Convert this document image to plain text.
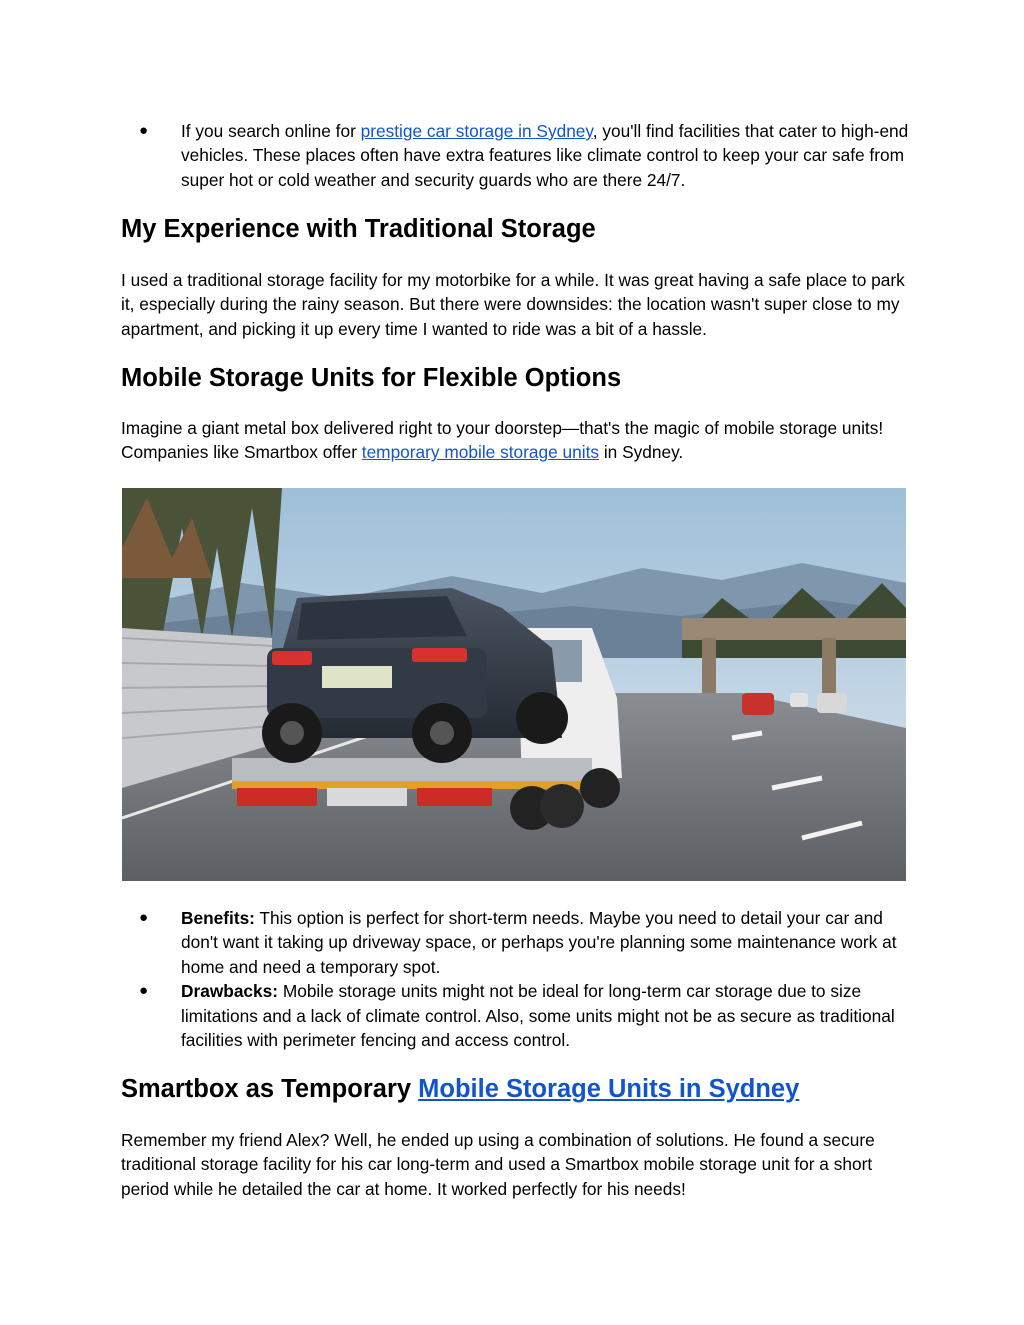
● If you search online for prestige car storage in Sydney, you'll find facilities that cater to high-end vehicles. These places often have extra features like climate control to keep your car safe from super hot or cold weather and security guards who are there 24/7.
My Experience with Traditional Storage

I used a traditional storage facility for my motorbike for a while. It was great having a safe place to park it, especially during the rainy season. But there were downsides: the location wasn't super close to my apartment, and picking it up every time I wanted to ride was a bit of a hassle.

Mobile Storage Units for Flexible Options

Imagine a giant metal box delivered right to your doorstep—that's the magic of mobile storage units! Companies like Smartbox offer temporary mobile storage units in Sydney.

● Benefits: This option is perfect for short-term needs. Maybe you need to detail your car and don't want it taking up driveway space, or perhaps you're planning some maintenance work at home and need a temporary spot.
● Drawbacks: Mobile storage units might not be ideal for long-term car storage due to size limitations and a lack of climate control. Also, some units might not be as secure as traditional facilities with perimeter fencing and access control.
Smartbox as Temporary Mobile Storage Units in Sydney

Remember my friend Alex? Well, he ended up using a combination of solutions. He found a secure traditional storage facility for his car long-term and used a Smartbox mobile storage unit for a short period while he detailed the car at home. It worked perfectly for his needs!
